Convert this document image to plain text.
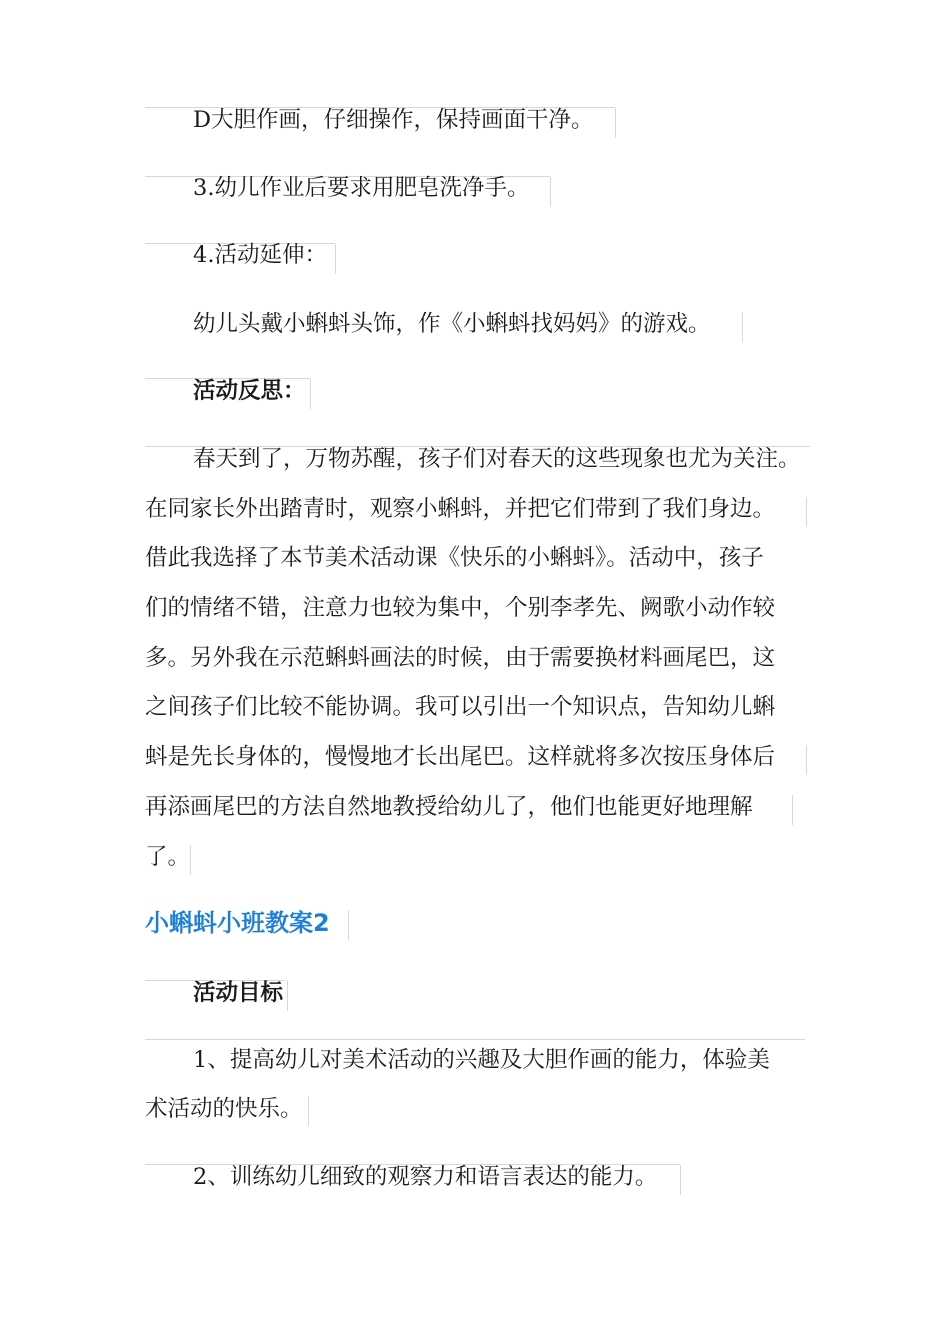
D大胆作画，仔细操作，保持画面干净。
3.幼儿作业后要求用肥皂洗净手。
4.活动延伸：
幼儿头戴小蝌蚪头饰，作《小蝌蚪找妈妈》的游戏。
活动反思：
春天到了，万物苏醒，孩子们对春天的这些现象也尤为关注。
在同家长外出踏青时，观察小蝌蚪，并把它们带到了我们身边。
借此我选择了本节美术活动课《快乐的小蝌蚪》。活动中，孩子
们的情绪不错，注意力也较为集中，个别李孝先、阙歌小动作较
多。另外我在示范蝌蚪画法的时候，由于需要换材料画尾巴，这
之间孩子们比较不能协调。我可以引出一个知识点，告知幼儿蝌
蚪是先长身体的，慢慢地才长出尾巴。这样就将多次按压身体后
再添画尾巴的方法自然地教授给幼儿了，他们也能更好地理解
了。
小蝌蚪小班教案2
活动目标
1、提高幼儿对美术活动的兴趣及大胆作画的能力，体验美
术活动的快乐。
2、训练幼儿细致的观察力和语言表达的能力。
